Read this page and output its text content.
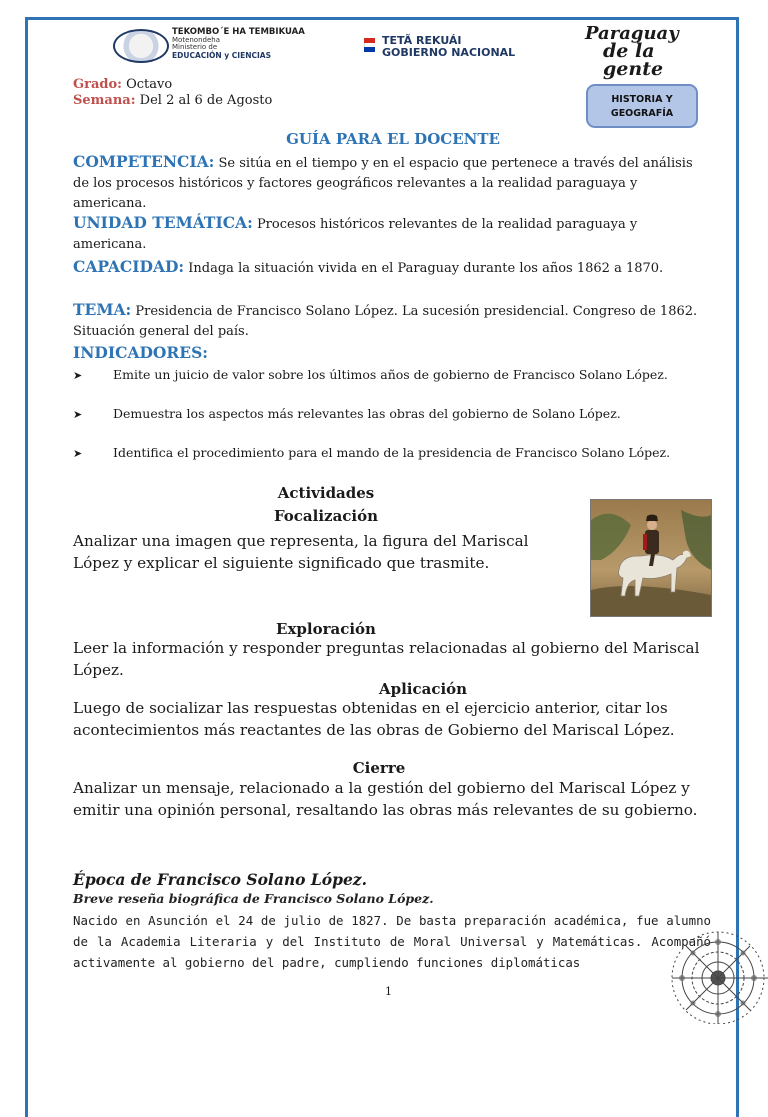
TEKOMBO´E HA TEMBIKUAA
Motenondeha
Ministerio de
EDUCACIÓN y CIENCIAS
TETÃ REKUÁI
GOBIERNO NACIONAL
Paraguay
de la gente
Grado: Octavo
Semana: Del 2 al 6 de Agosto	HISTORIA Y GEOGRAFÍA
GUÍA PARA EL DOCENTE
COMPETENCIA: Se sitúa en el tiempo y en el espacio que pertenece a través del análisis de los procesos históricos y factores geográficos relevantes a la realidad paraguaya y americana.
UNIDAD TEMÁTICA: Procesos históricos relevantes de la realidad paraguaya y americana.
CAPACIDAD: Indaga la situación vivida en el Paraguay durante los años 1862 a 1870.
TEMA: Presidencia de Francisco Solano López. La sucesión presidencial. Congreso de 1862. Situación general del país.
INDICADORES:
➤ Emite un juicio de valor sobre los últimos años de gobierno de Francisco Solano López.
➤ Demuestra los aspectos más relevantes las obras del gobierno de Solano López.
➤ Identifica el procedimiento para el mando de la presidencia de Francisco Solano López.
Actividades
Focalización
Analizar una imagen que representa, la figura del Mariscal López y explicar el siguiente significado que trasmite.
Exploración
Leer la información y responder preguntas relacionadas al gobierno del Mariscal López.
Aplicación
Luego de socializar las respuestas obtenidas en el ejercicio anterior, citar los acontecimientos más reactantes de las obras de Gobierno del Mariscal López.
Cierre
Analizar un mensaje, relacionado a la gestión del gobierno del Mariscal López y emitir una opinión personal, resaltando las obras más relevantes de su gobierno.
Época de Francisco Solano López.
Breve reseña biográfica de Francisco Solano López.
Nacido en Asunción el 24 de julio de 1827. De basta preparación académica, fue alumno de la Academia Literaria y del Instituto de Moral Universal y Matemáticas. Acompañó activamente al gobierno del padre, cumpliendo funciones diplomáticas
1
